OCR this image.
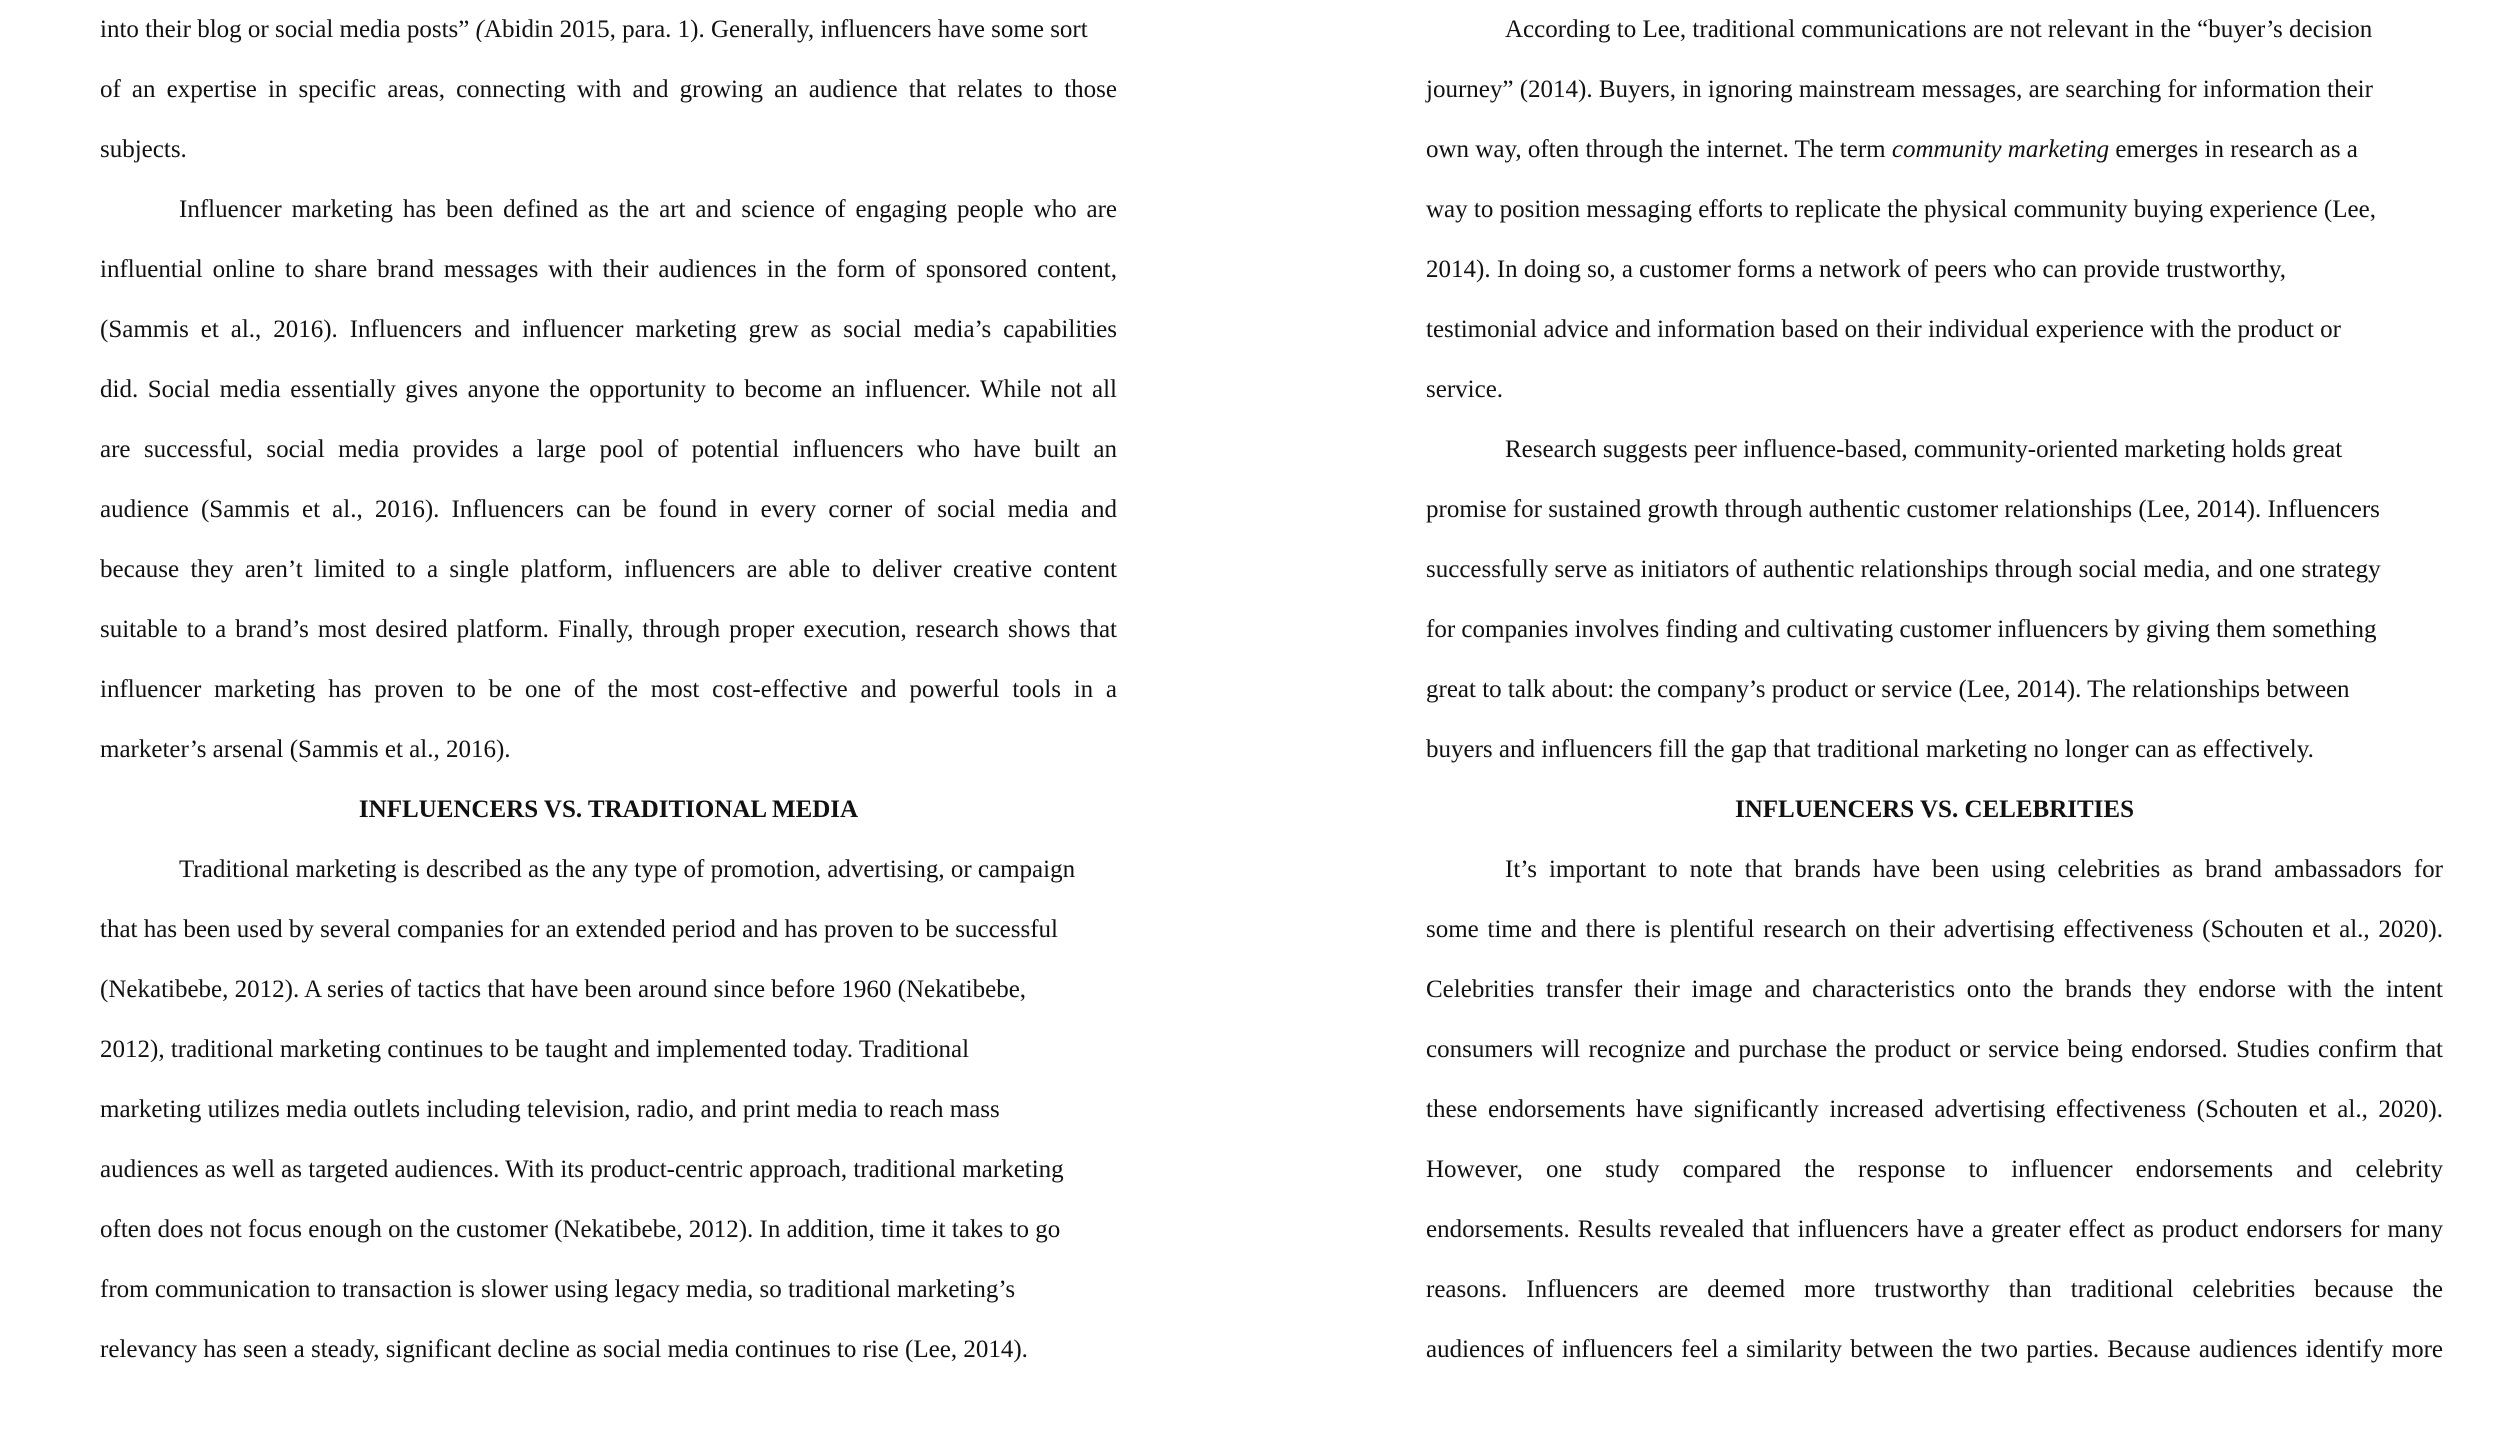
into their blog or social media posts” (Abidin 2015, para. 1). Generally, influencers have some sort
of an expertise in specific areas, connecting with and growing an audience that relates to those
subjects.
Influencer marketing has been defined as the art and science of engaging people who are
influential online to share brand messages with their audiences in the form of sponsored content,
(Sammis et al., 2016). Influencers and influencer marketing grew as social media’s capabilities
did. Social media essentially gives anyone the opportunity to become an influencer. While not all
are successful, social media provides a large pool of potential influencers who have built an
audience (Sammis et al., 2016). Influencers can be found in every corner of social media and
because they aren’t limited to a single platform, influencers are able to deliver creative content
suitable to a brand’s most desired platform. Finally, through proper execution, research shows that
influencer marketing has proven to be one of the most cost-effective and powerful tools in a
marketer’s arsenal (Sammis et al., 2016).
INFLUENCERS VS. TRADITIONAL MEDIA
Traditional marketing is described as the any type of promotion, advertising, or campaign
that has been used by several companies for an extended period and has proven to be successful
(Nekatibebe, 2012). A series of tactics that have been around since before 1960 (Nekatibebe,
2012), traditional marketing continues to be taught and implemented today. Traditional
marketing utilizes media outlets including television, radio, and print media to reach mass
audiences as well as targeted audiences. With its product-centric approach, traditional marketing
often does not focus enough on the customer (Nekatibebe, 2012). In addition, time it takes to go
from communication to transaction is slower using legacy media, so traditional marketing’s
relevancy has seen a steady, significant decline as social media continues to rise (Lee, 2014).
According to Lee, traditional communications are not relevant in the “buyer’s decision
journey” (2014). Buyers, in ignoring mainstream messages, are searching for information their
own way, often through the internet. The term community marketing emerges in research as a
way to position messaging efforts to replicate the physical community buying experience (Lee,
2014). In doing so, a customer forms a network of peers who can provide trustworthy,
testimonial advice and information based on their individual experience with the product or
service.
Research suggests peer influence-based, community-oriented marketing holds great
promise for sustained growth through authentic customer relationships (Lee, 2014). Influencers
successfully serve as initiators of authentic relationships through social media, and one strategy
for companies involves finding and cultivating customer influencers by giving them something
great to talk about: the company’s product or service (Lee, 2014). The relationships between
buyers and influencers fill the gap that traditional marketing no longer can as effectively.
INFLUENCERS VS. CELEBRITIES
It’s important to note that brands have been using celebrities as brand ambassadors for
some time and there is plentiful research on their advertising effectiveness (Schouten et al., 2020).
Celebrities transfer their image and characteristics onto the brands they endorse with the intent
consumers will recognize and purchase the product or service being endorsed. Studies confirm that
these endorsements have significantly increased advertising effectiveness (Schouten et al., 2020).
However, one study compared the response to influencer endorsements and celebrity
endorsements. Results revealed that influencers have a greater effect as product endorsers for many
reasons. Influencers are deemed more trustworthy than traditional celebrities because the
audiences of influencers feel a similarity between the two parties. Because audiences identify more
